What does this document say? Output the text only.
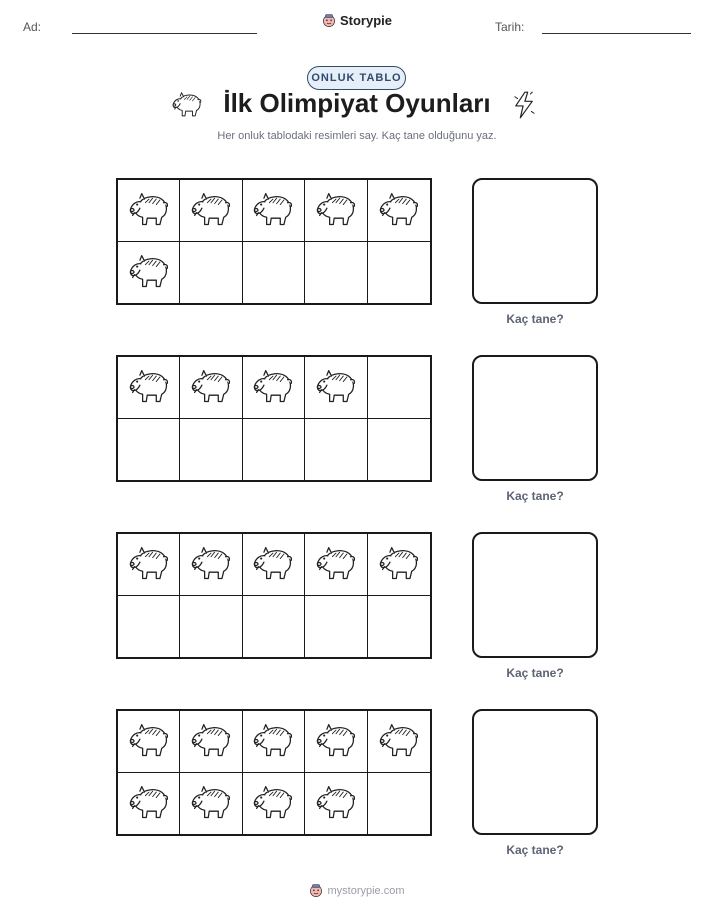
Ad:	Storypie	Tarih:
ONLUK TABLO
İlk Olimpiyat Oyunları
Her onluk tablodaki resimleri say. Kaç tane olduğunu yaz.
Kaç tane?
Kaç tane?
Kaç tane?
Kaç tane?
mystorypie.com
